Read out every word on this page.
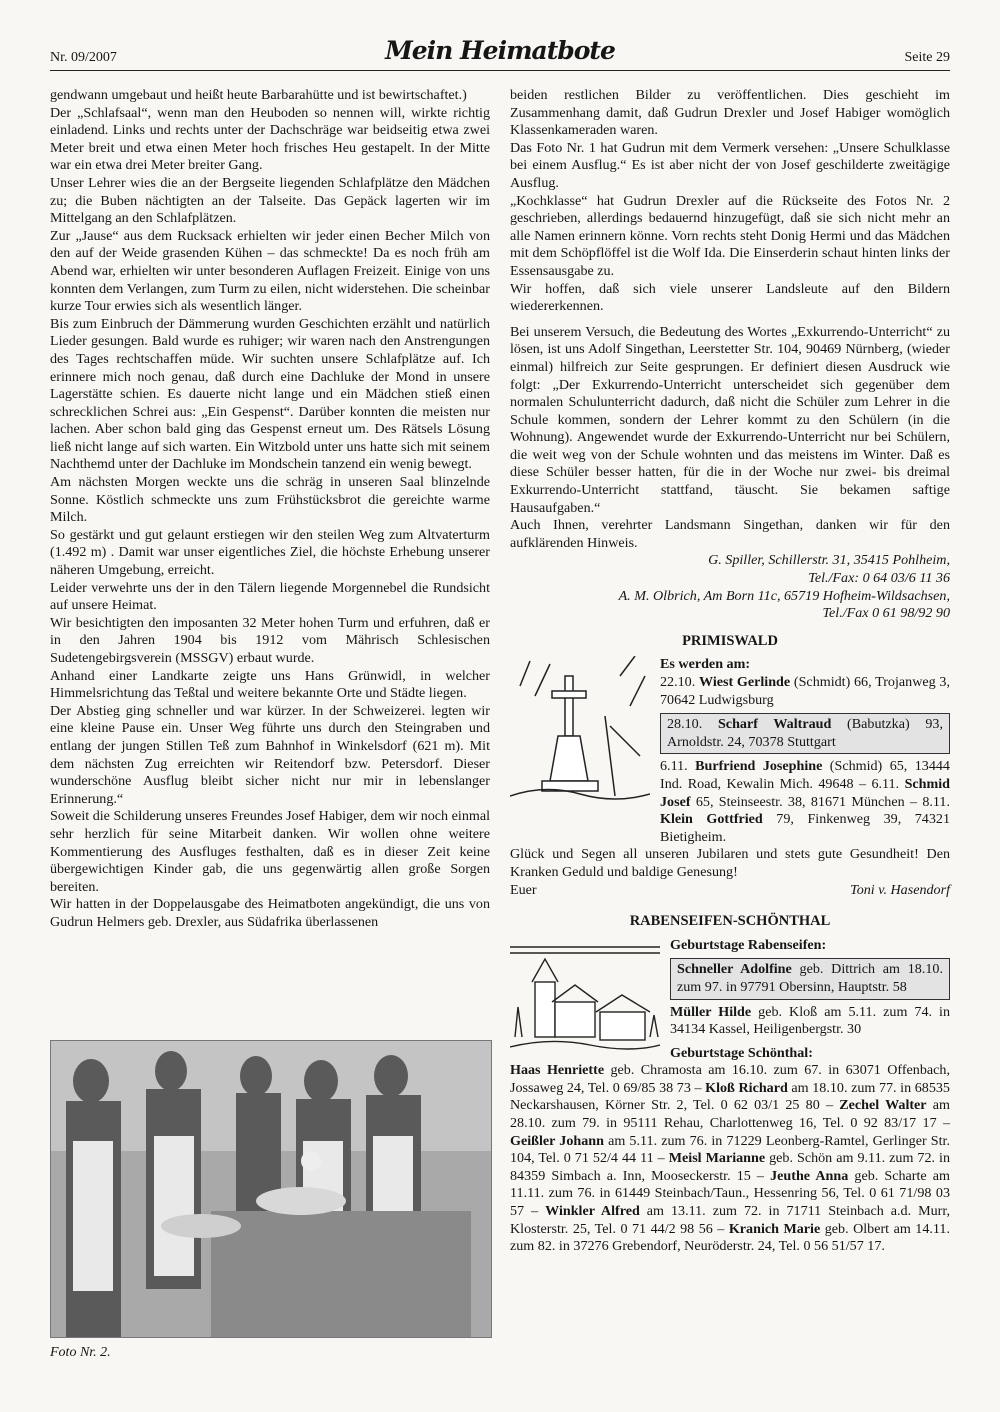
Nr. 09/2007	Mein Heimatbote	Seite 29

gendwann umgebaut und heißt heute Barbarahütte und ist bewirtschaftet.)

Der „Schlafsaal“, wenn man den Heuboden so nennen will, wirkte richtig einladend. Links und rechts unter der Dachschräge war beidseitig etwa zwei Meter breit und etwa einen Meter hoch frisches Heu gestapelt. In der Mitte war ein etwa drei Meter breiter Gang.

Unser Lehrer wies die an der Bergseite liegenden Schlafplätze den Mädchen zu; die Buben nächtigten an der Talseite. Das Gepäck lagerten wir im Mittelgang an den Schlafplätzen.

Zur „Jause“ aus dem Rucksack erhielten wir jeder einen Becher Milch von den auf der Weide grasenden Kühen – das schmeckte! Da es noch früh am Abend war, erhielten wir unter besonderen Auflagen Freizeit. Einige von uns konnten dem Verlangen, zum Turm zu eilen, nicht widerstehen. Die scheinbar kurze Tour erwies sich als wesentlich länger.

Bis zum Einbruch der Dämmerung wurden Geschichten erzählt und natürlich Lieder gesungen. Bald wurde es ruhiger; wir waren nach den Anstrengungen des Tages rechtschaffen müde. Wir suchten unsere Schlafplätze auf. Ich erinnere mich noch genau, daß durch eine Dachluke der Mond in unsere Lagerstätte schien. Es dauerte nicht lange und ein Mädchen stieß einen schrecklichen Schrei aus: „Ein Gespenst“. Darüber konnten die meisten nur lachen. Aber schon bald ging das Gespenst erneut um. Des Rätsels Lösung ließ nicht lange auf sich warten. Ein Witzbold unter uns hatte sich mit seinem Nachthemd unter der Dachluke im Mondschein tanzend ein wenig bewegt.

Am nächsten Morgen weckte uns die schräg in unseren Saal blinzelnde Sonne. Köstlich schmeckte uns zum Frühstücksbrot die gereichte warme Milch.

So gestärkt und gut gelaunt erstiegen wir den steilen Weg zum Altvaterturm (1.492 m) . Damit war unser eigentliches Ziel, die höchste Erhebung unserer näheren Umgebung, erreicht.

Leider verwehrte uns der in den Tälern liegende Morgennebel die Rundsicht auf unsere Heimat.

Wir besichtigten den imposanten 32 Meter hohen Turm und erfuhren, daß er in den Jahren 1904 bis 1912 vom Mährisch Schlesischen Sudetengebirgsverein (MSSGV) erbaut wurde.

Anhand einer Landkarte zeigte uns Hans Grünwidl, in welcher Himmelsrichtung das Teßtal und weitere bekannte Orte und Städte liegen.

Der Abstieg ging schneller und war kürzer. In der Schweizerei. legten wir eine kleine Pause ein. Unser Weg führte uns durch den Steingraben und entlang der jungen Stillen Teß zum Bahnhof in Winkelsdorf (621 m). Mit dem nächsten Zug erreichten wir Reitendorf bzw. Petersdorf. Dieser wunderschöne Ausflug bleibt sicher nicht nur mir in lebenslanger Erinnerung.“

Soweit die Schilderung unseres Freundes Josef Habiger, dem wir noch einmal sehr herzlich für seine Mitarbeit danken. Wir wollen ohne weitere Kommentierung des Ausfluges festhalten, daß es in dieser Zeit keine übergewichtigen Kinder gab, die uns gegenwärtig allen große Sorgen bereiten.

Wir hatten in der Doppelausgabe des Heimatboten angekündigt, die uns von Gudrun Helmers geb. Drexler, aus Südafrika überlassenen

Foto Nr. 2.

beiden restlichen Bilder zu veröffentlichen. Dies geschieht im Zusammenhang damit, daß Gudrun Drexler und Josef Habiger womöglich Klassenkameraden waren.

Das Foto Nr. 1 hat Gudrun mit dem Vermerk versehen: „Unsere Schulklasse bei einem Ausflug.“ Es ist aber nicht der von Josef geschilderte zweitägige Ausflug.

„Kochklasse“ hat Gudrun Drexler auf die Rückseite des Fotos Nr. 2 geschrieben, allerdings bedauernd hinzugefügt, daß sie sich nicht mehr an alle Namen erinnern könne. Vorn rechts steht Donig Hermi und das Mädchen mit dem Schöpflöffel ist die Wolf Ida. Die Einserderin schaut hinten links der Essensausgabe zu.

Wir hoffen, daß sich viele unserer Landsleute auf den Bildern wiedererkennen.

Bei unserem Versuch, die Bedeutung des Wortes „Exkurrendo-Unterricht“ zu lösen, ist uns Adolf Singethan, Leerstetter Str. 104, 90469 Nürnberg, (wieder einmal) hilfreich zur Seite gesprungen. Er definiert diesen Ausdruck wie folgt: „Der Exkurrendo-Unterricht unterscheidet sich gegenüber dem normalen Schulunterricht dadurch, daß nicht die Schüler zum Lehrer in die Schule kommen, sondern der Lehrer kommt zu den Schülern (in die Wohnung). Angewendet wurde der Exkurrendo-Unterricht nur bei Schülern, die weit weg von der Schule wohnten und das meistens im Winter. Daß es diese Schüler besser hatten, für die in der Woche nur zwei- bis dreimal Exkurrendo-Unterricht stattfand, täuscht. Sie bekamen saftige Hausaufgaben.“

Auch Ihnen, verehrter Landsmann Singethan, danken wir für den aufklärenden Hinweis.

G. Spiller, Schillerstr. 31, 35415 Pohlheim,
Tel./Fax: 0 64 03/6 11 36
A. M. Olbrich, Am Born 11c, 65719 Hofheim-Wildsachsen,
Tel./Fax 0 61 98/92 90
PRIMISWALD
Es werden am:
22.10. Wiest Gerlinde (Schmidt) 66, Trojanweg 3, 70642 Ludwigsburg
28.10. Scharf Waltraud (Babutzka) 93, Arnoldstr. 24, 70378 Stuttgart
6.11. Burfriend Josephine (Schmid) 65, 13444 Ind. Road, Kewalin Mich. 49648 – 6.11. Schmid Josef 65, Steinseestr. 38, 81671 München – 8.11. Klein Gottfried 79, Finkenweg 39, 74321 Bietigheim.

Glück und Segen all unseren Jubilaren und stets gute Gesundheit! Den Kranken Geduld und baldige Genesung!

Euer	Toni v. Hasendorf
RABENSEIFEN-SCHÖNTHAL
Geburtstage Rabenseifen:
Schneller Adolfine geb. Dittrich am 18.10. zum 97. in 97791 Obersinn, Hauptstr. 58
Müller Hilde geb. Kloß am 5.11. zum 74. in 34134 Kassel, Heiligenbergstr. 30
Geburtstage Schönthal:

Haas Henriette geb. Chramosta am 16.10. zum 67. in 63071 Offenbach, Jossaweg 24, Tel. 0 69/85 38 73 – Kloß Richard am 18.10. zum 77. in 68535 Neckarshausen, Körner Str. 2, Tel. 0 62 03/1 25 80 – Zechel Walter am 28.10. zum 79. in 95111 Rehau, Charlottenweg 16, Tel. 0 92 83/17 17 – Geißler Johann am 5.11. zum 76. in 71229 Leonberg-Ramtel, Gerlinger Str. 104, Tel. 0 71 52/4 44 11 – Meisl Marianne geb. Schön am 9.11. zum 72. in 84359 Simbach a. Inn, Mooseckerstr. 15 – Jeuthe Anna geb. Scharte am 11.11. zum 76. in 61449 Steinbach/Taun., Hessenring 56, Tel. 0 61 71/98 03 57 – Winkler Alfred am 13.11. zum 72. in 71711 Steinbach a.d. Murr, Klosterstr. 25, Tel. 0 71 44/2 98 56 – Kranich Marie geb. Olbert am 14.11. zum 82. in 37276 Grebendorf, Neuröderstr. 24, Tel. 0 56 51/57 17.
